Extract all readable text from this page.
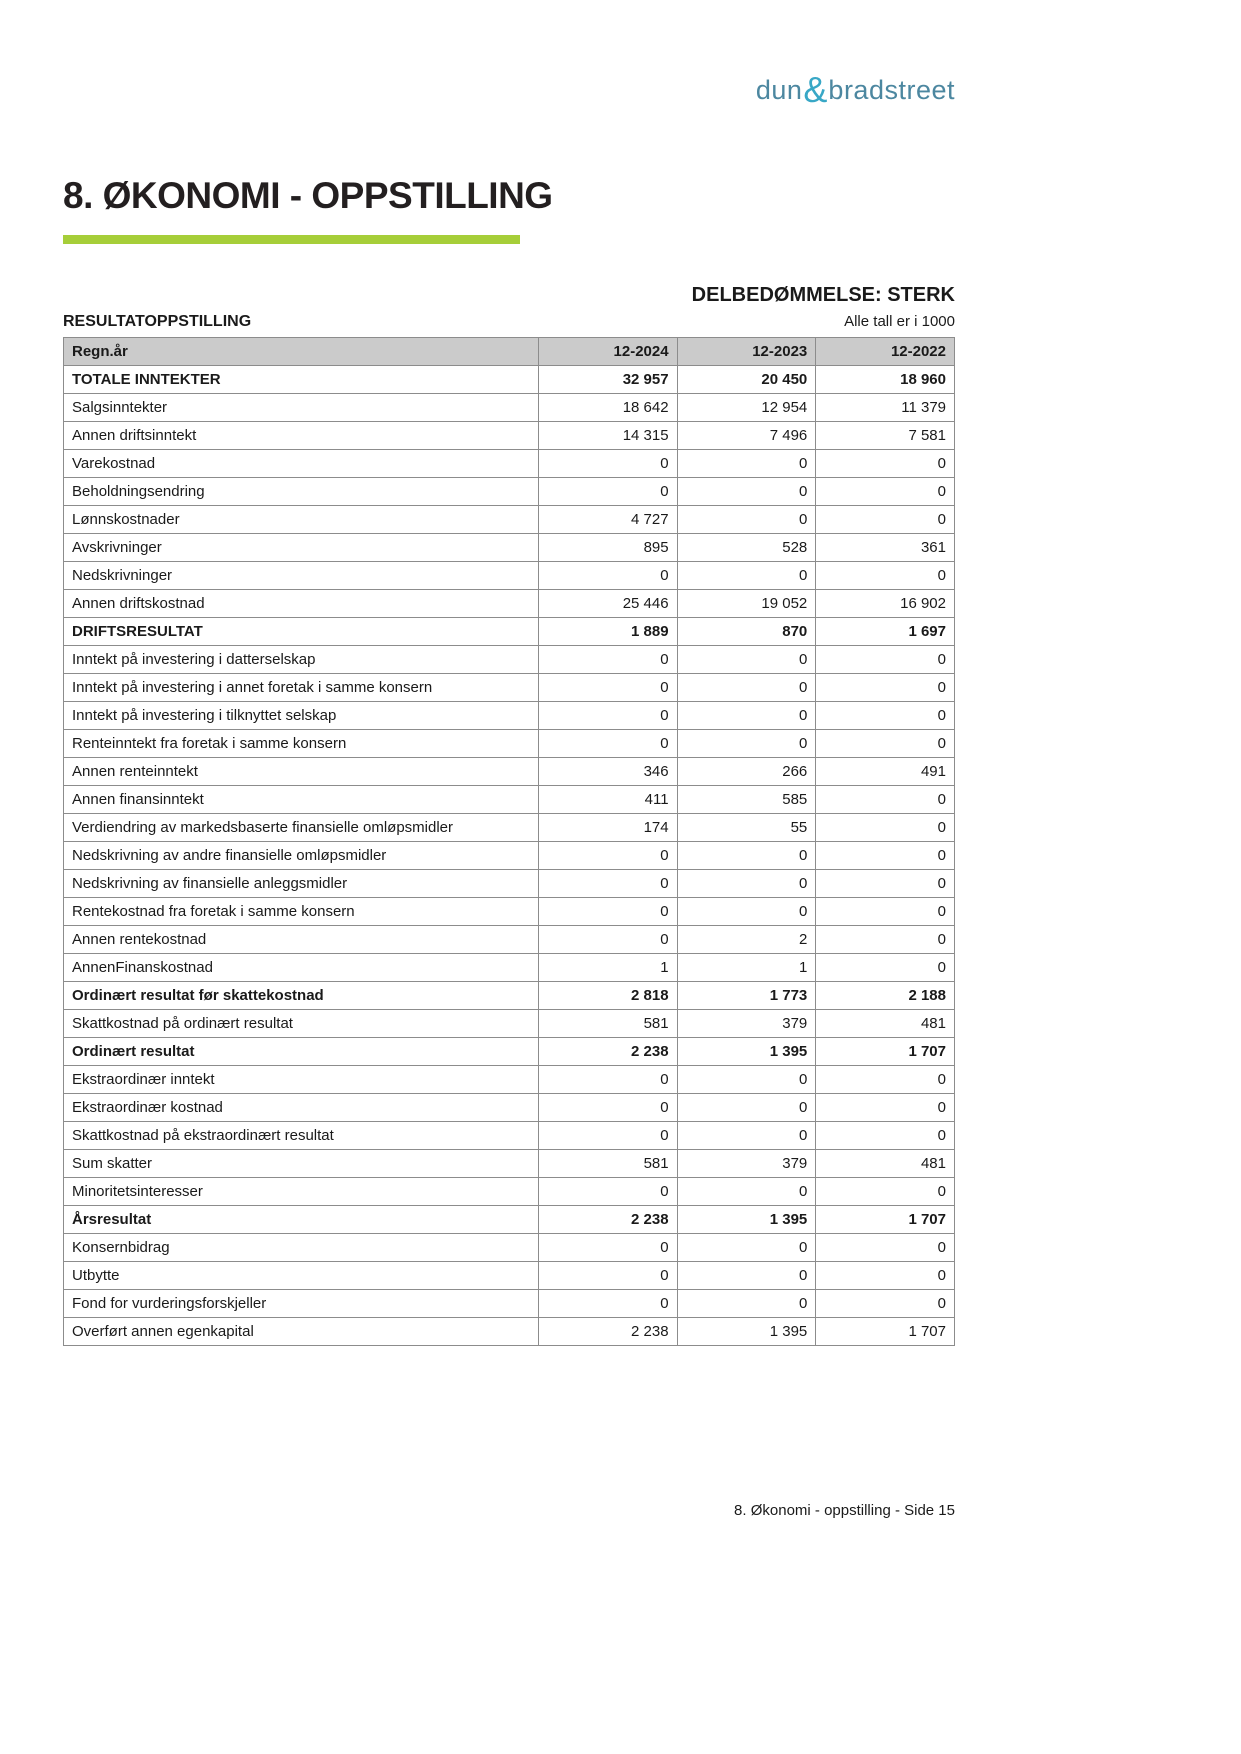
dun&bradstreet
8. ØKONOMI - OPPSTILLING
DELBEDØMMELSE: STERK
RESULTATOPPSTILLING	Alle tall er i 1000
Regn.år	12-2024	12-2023	12-2022
TOTALE INNTEKTER	32 957	20 450	18 960
Salgsinntekter	18 642	12 954	11 379
Annen driftsinntekt	14 315	7 496	7 581
Varekostnad	0	0	0
Beholdningsendring	0	0	0
Lønnskostnader	4 727	0	0
Avskrivninger	895	528	361
Nedskrivninger	0	0	0
Annen driftskostnad	25 446	19 052	16 902
DRIFTSRESULTAT	1 889	870	1 697
Inntekt på investering i datterselskap	0	0	0
Inntekt på investering i annet foretak i samme konsern	0	0	0
Inntekt på investering i tilknyttet selskap	0	0	0
Renteinntekt fra foretak i samme konsern	0	0	0
Annen renteinntekt	346	266	491
Annen finansinntekt	411	585	0
Verdiendring av markedsbaserte finansielle omløpsmidler	174	55	0
Nedskrivning av andre finansielle omløpsmidler	0	0	0
Nedskrivning av finansielle anleggsmidler	0	0	0
Rentekostnad fra foretak i samme konsern	0	0	0
Annen rentekostnad	0	2	0
AnnenFinanskostnad	1	1	0
Ordinært resultat før skattekostnad	2 818	1 773	2 188
Skattkostnad på ordinært resultat	581	379	481
Ordinært resultat	2 238	1 395	1 707
Ekstraordinær inntekt	0	0	0
Ekstraordinær kostnad	0	0	0
Skattkostnad på ekstraordinært resultat	0	0	0
Sum skatter	581	379	481
Minoritetsinteresser	0	0	0
Årsresultat	2 238	1 395	1 707
Konsernbidrag	0	0	0
Utbytte	0	0	0
Fond for vurderingsforskjeller	0	0	0
Overført annen egenkapital	2 238	1 395	1 707
8. Økonomi - oppstilling - Side 15
